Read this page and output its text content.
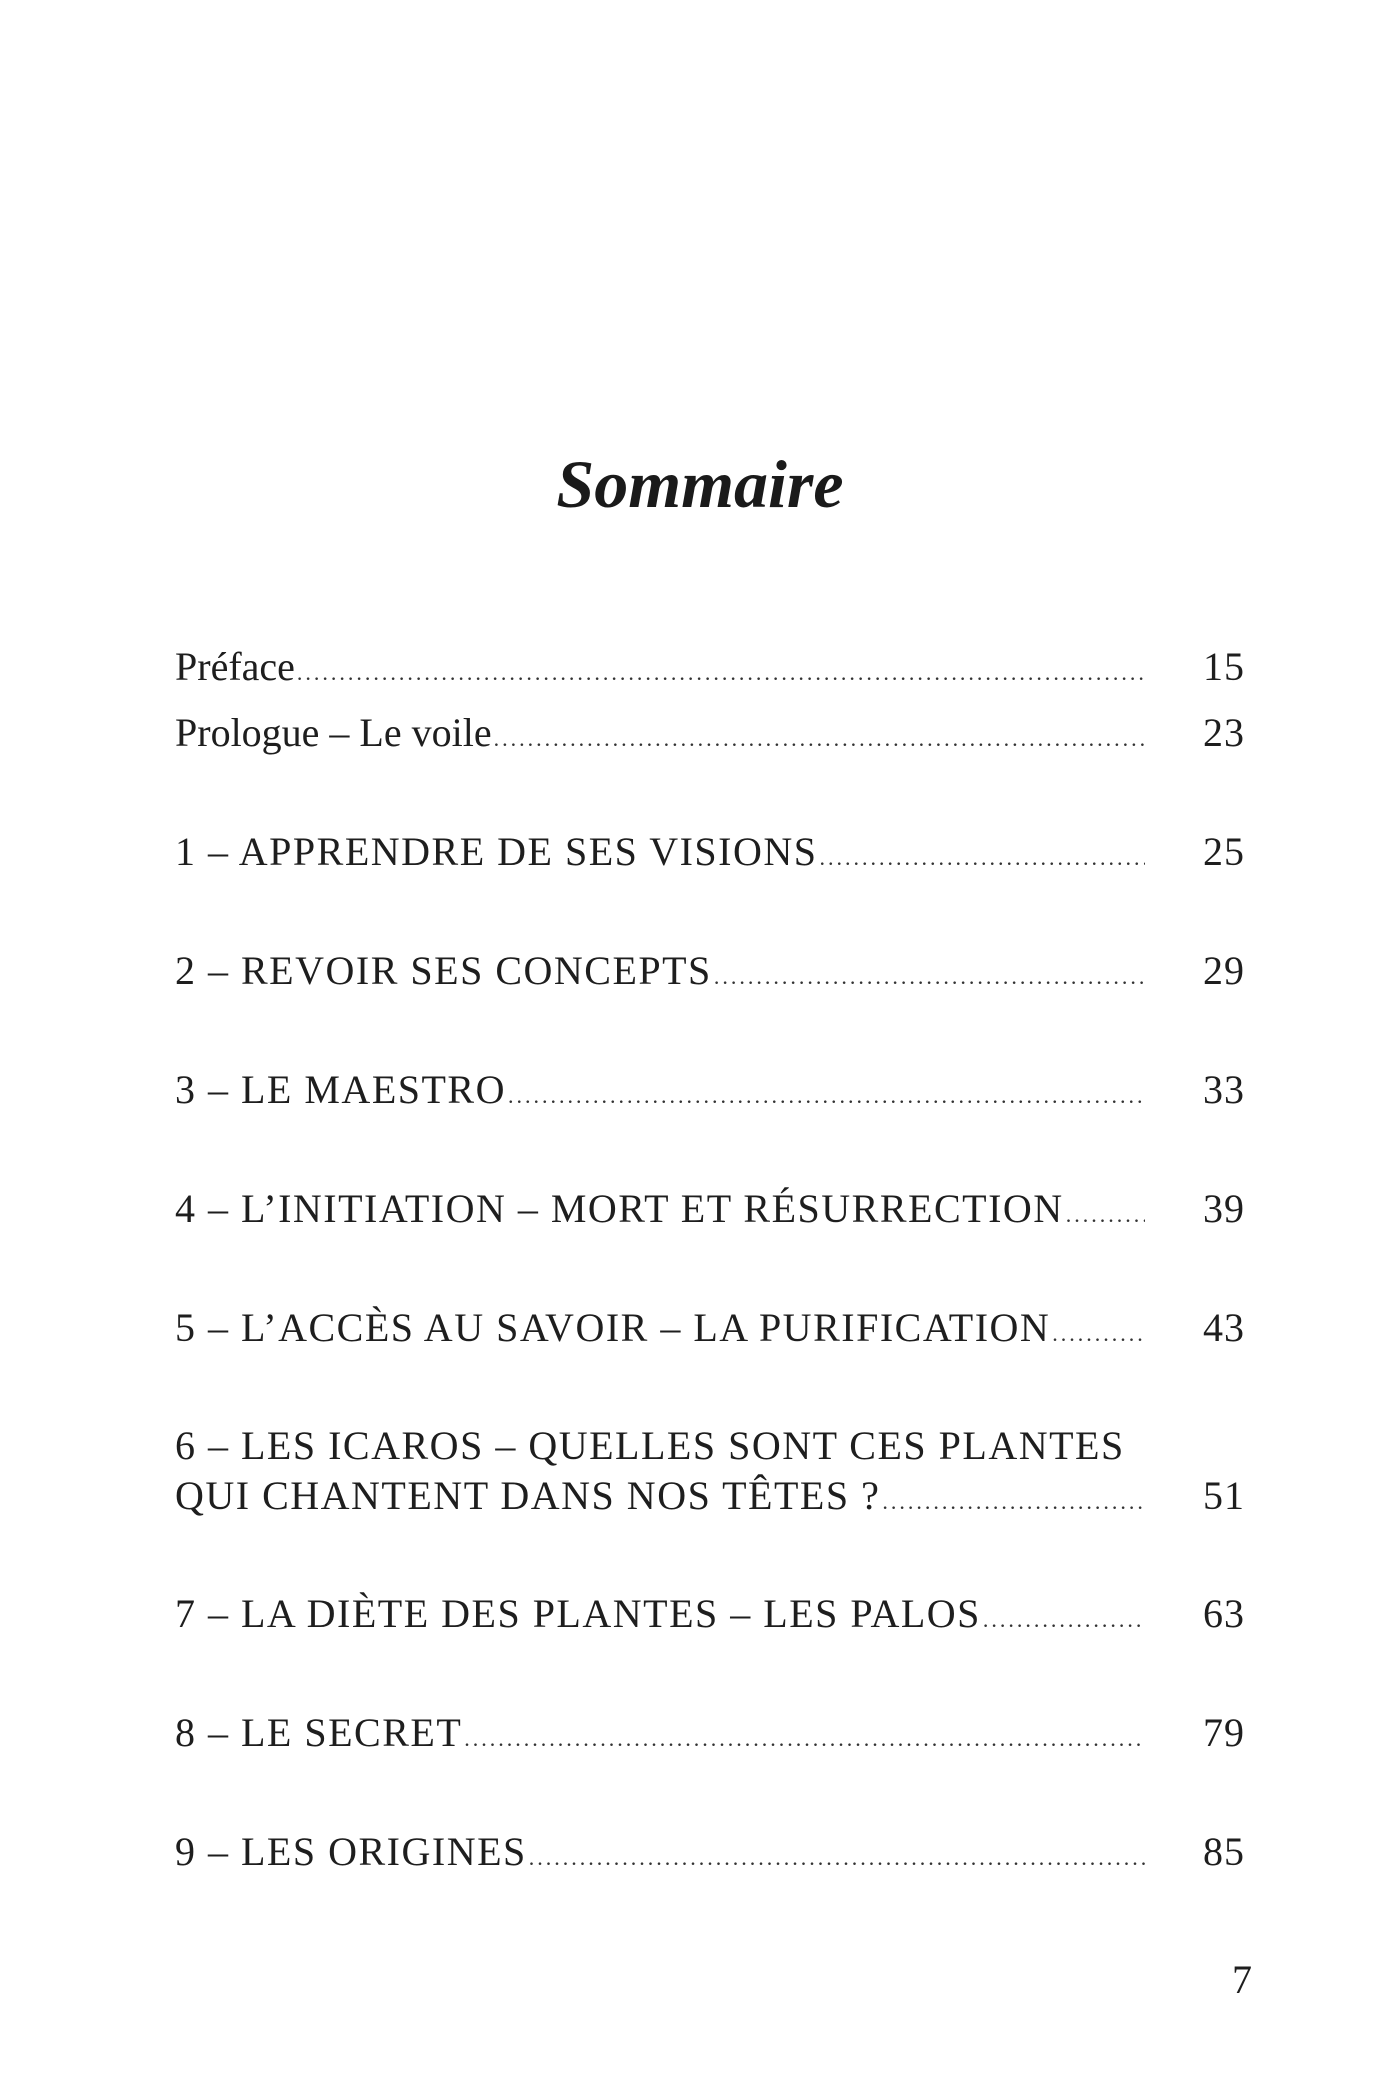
Sommaire
Préface .....	15
Prologue – Le voile .....	23
1 – APPRENDRE DE SES VISIONS .....	25
2 – REVOIR SES CONCEPTS .....	29
3 – LE MAESTRO .....	33
4 – L’INITIATION – MORT ET RÉSURRECTION .....	39
5 – L’ACCÈS AU SAVOIR – LA PURIFICATION .....	43
6 – LES ICAROS – QUELLES SONT CES PLANTES
QUI CHANTENT DANS NOS TÊTES ? .....	51
7 – LA DIÈTE DES PLANTES – LES PALOS .....	63
8 – LE SECRET .....	79
9 – LES ORIGINES .....	85
7
